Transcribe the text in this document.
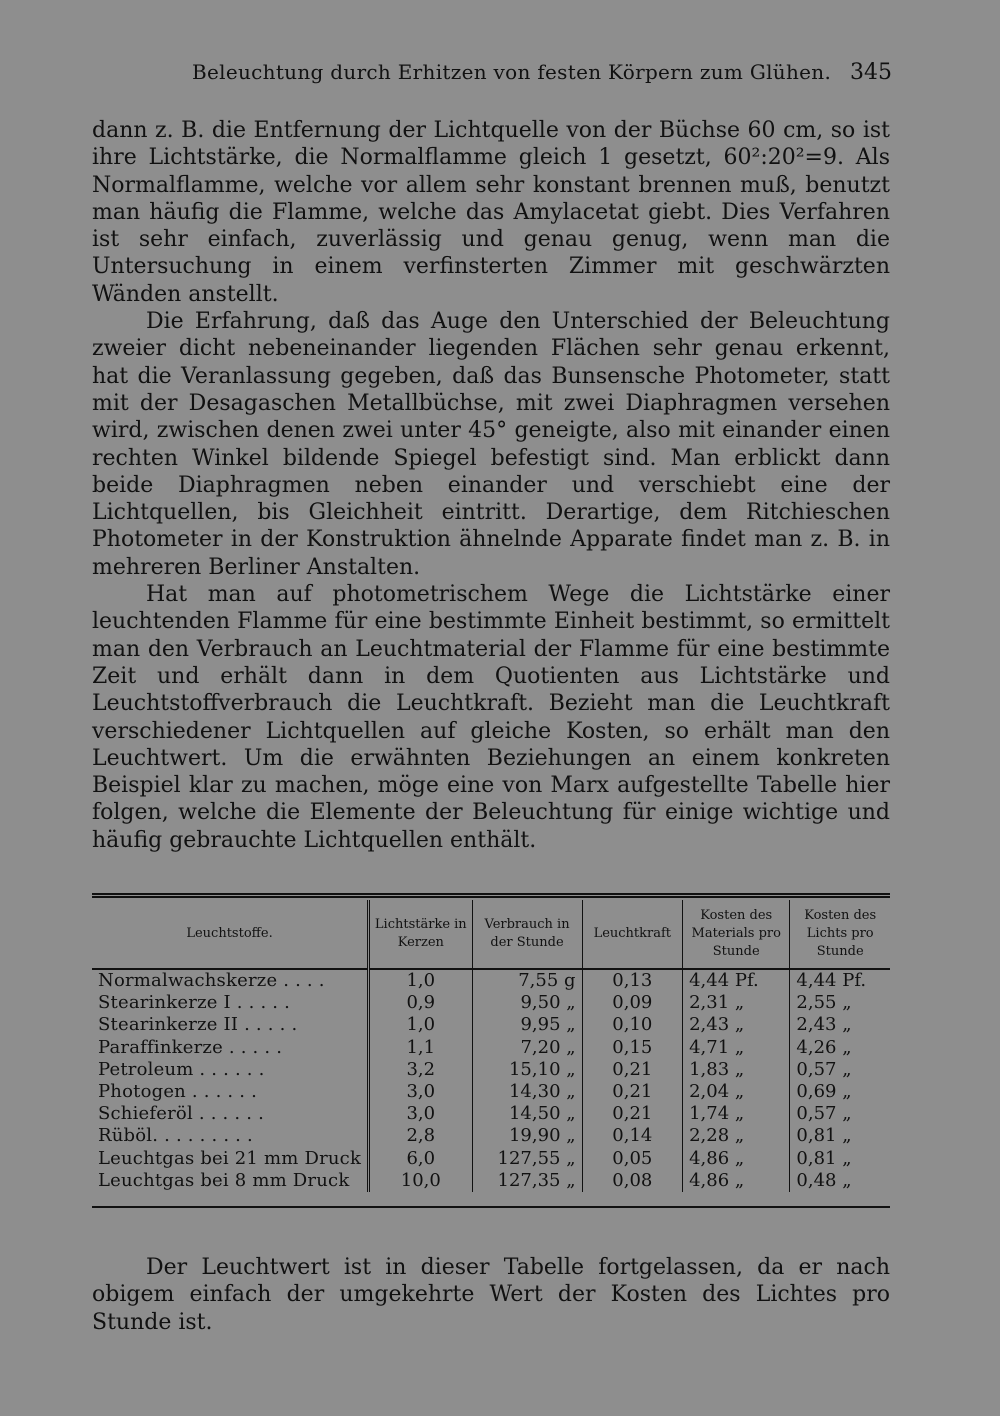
Beleuchtung durch Erhitzen von festen Körpern zum Glühen. 345

dann z. B. die Entfernung der Lichtquelle von der Büchse 60 cm, so ist ihre Lichtstärke, die Normalflamme gleich 1 gesetzt, 60²:20²=9. Als Normalflamme, welche vor allem sehr konstant brennen muß, benutzt man häufig die Flamme, welche das Amylacetat giebt. Dies Verfahren ist sehr einfach, zuverlässig und genau genug, wenn man die Untersuchung in einem verfinsterten Zimmer mit geschwärzten Wänden anstellt.

Die Erfahrung, daß das Auge den Unterschied der Beleuchtung zweier dicht nebeneinander liegenden Flächen sehr genau erkennt, hat die Veranlassung gegeben, daß das Bunsensche Photometer, statt mit der Desagaschen Metallbüchse, mit zwei Diaphragmen versehen wird, zwischen denen zwei unter 45° geneigte, also mit einander einen rechten Winkel bildende Spiegel befestigt sind. Man erblickt dann beide Diaphragmen neben einander und verschiebt eine der Lichtquellen, bis Gleichheit eintritt. Derartige, dem Ritchieschen Photometer in der Konstruktion ähnelnde Apparate findet man z. B. in mehreren Berliner Anstalten.

Hat man auf photometrischem Wege die Lichtstärke einer leuchtenden Flamme für eine bestimmte Einheit bestimmt, so ermittelt man den Verbrauch an Leuchtmaterial der Flamme für eine bestimmte Zeit und erhält dann in dem Quotienten aus Lichtstärke und Leuchtstoffverbrauch die Leuchtkraft. Bezieht man die Leuchtkraft verschiedener Lichtquellen auf gleiche Kosten, so erhält man den Leuchtwert. Um die erwähnten Beziehungen an einem konkreten Beispiel klar zu machen, möge eine von Marx aufgestellte Tabelle hier folgen, welche die Elemente der Beleuchtung für einige wichtige und häufig gebrauchte Lichtquellen enthält.

Leuchtstoffe.	Lichtstärke in Kerzen	Verbrauch in der Stunde	Leuchtkraft	Kosten des Materials pro Stunde	Kosten des Lichts pro Stunde
Normalwachskerze . . . .	1,0	7,55 g	0,13	4,44 Pf.	4,44 Pf.
Stearinkerze I . . . . .	0,9	9,50 „	0,09	2,31 „	2,55 „
Stearinkerze II . . . . .	1,0	9,95 „	0,10	2,43 „	2,43 „
Paraffinkerze . . . . .	1,1	7,20 „	0,15	4,71 „	4,26 „
Petroleum . . . . . .	3,2	15,10 „	0,21	1,83 „	0,57 „
Photogen . . . . . .	3,0	14,30 „	0,21	2,04 „	0,69 „
Schieferöl . . . . . .	3,0	14,50 „	0,21	1,74 „	0,57 „
Rüböl. . . . . . . . .	2,8	19,90 „	0,14	2,28 „	0,81 „
Leuchtgas bei 21 mm Druck	6,0	127,55 „	0,05	4,86 „	0,81 „
Leuchtgas bei 8 mm Druck	10,0	127,35 „	0,08	4,86 „	0,48 „

Der Leuchtwert ist in dieser Tabelle fortgelassen, da er nach obigem einfach der umgekehrte Wert der Kosten des Lichtes pro Stunde ist.
